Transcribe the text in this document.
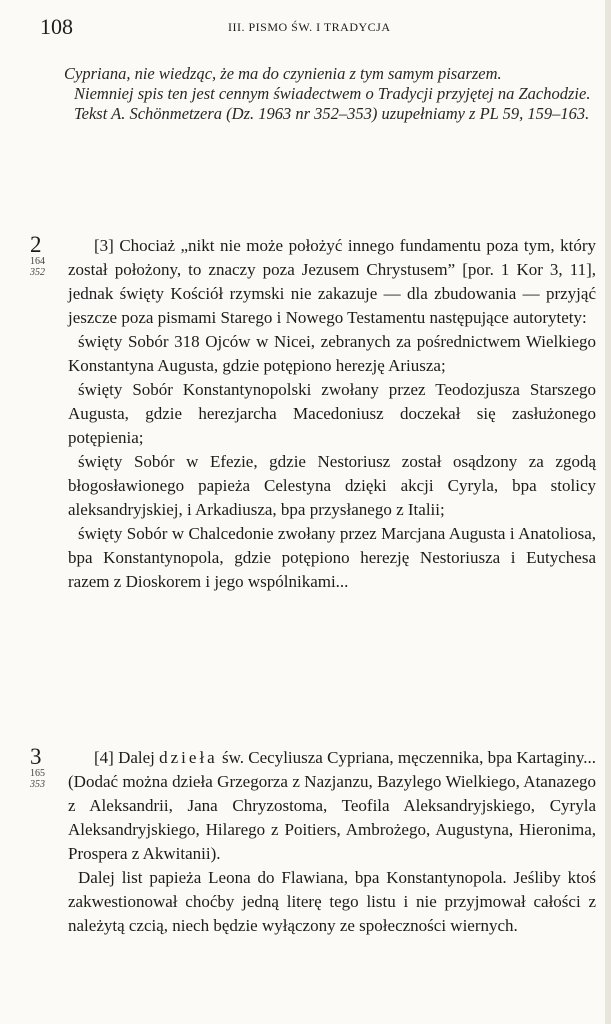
108	III. PISMO ŚW. I TRADYCJA

Cypriana, nie wiedząc, że ma do czynienia z tym samym pisarzem.

Niemniej spis ten jest cennym świadectwem o Tradycji przyjętej na Zachodzie.

Tekst A. Schönmetzera (Dz. 1963 nr 352–353) uzupełniamy z PL 59, 159–163.

2
164
352

[3] Chociaż „nikt nie może położyć innego fundamentu poza tym, który został położony, to znaczy poza Jezusem Chrystusem” [por. 1 Kor 3, 11], jednak święty Kościół rzymski nie zakazuje — dla zbudowania — przyjąć jeszcze poza pismami Starego i Nowego Testamentu następujące autorytety:

święty Sobór 318 Ojców w Nicei, zebranych za pośrednictwem Wielkiego Konstantyna Augusta, gdzie potępiono herezję Ariusza;

święty Sobór Konstantynopolski zwołany przez Teodozjusza Starszego Augusta, gdzie herezjarcha Macedoniusz doczekał się zasłużonego potępienia;

święty Sobór w Efezie, gdzie Nestoriusz został osądzony za zgodą błogosławionego papieża Celestyna dzięki akcji Cyryla, bpa stolicy aleksandryjskiej, i Arkadiusza, bpa przysłanego z Italii;

święty Sobór w Chalcedonie zwołany przez Marcjana Augusta i Anatoliosa, bpa Konstantynopola, gdzie potępiono herezję Nestoriusza i Eutychesa razem z Dioskorem i jego wspólnikami...

3
165
353

[4] Dalej dzieła św. Cecyliusza Cypriana, męczennika, bpa Kartaginy... (Dodać można dzieła Grzegorza z Nazjanzu, Bazylego Wielkiego, Atanazego z Aleksandrii, Jana Chryzostoma, Teofila Aleksandryjskiego, Cyryla Aleksandryjskiego, Hilarego z Poitiers, Ambrożego, Augustyna, Hieronima, Prospera z Akwitanii).

Dalej list papieża Leona do Flawiana, bpa Konstantynopola. Jeśliby ktoś zakwestionował choćby jedną literę tego listu i nie przyjmował całości z należytą czcią, niech będzie wyłączony ze społeczności wiernych.
